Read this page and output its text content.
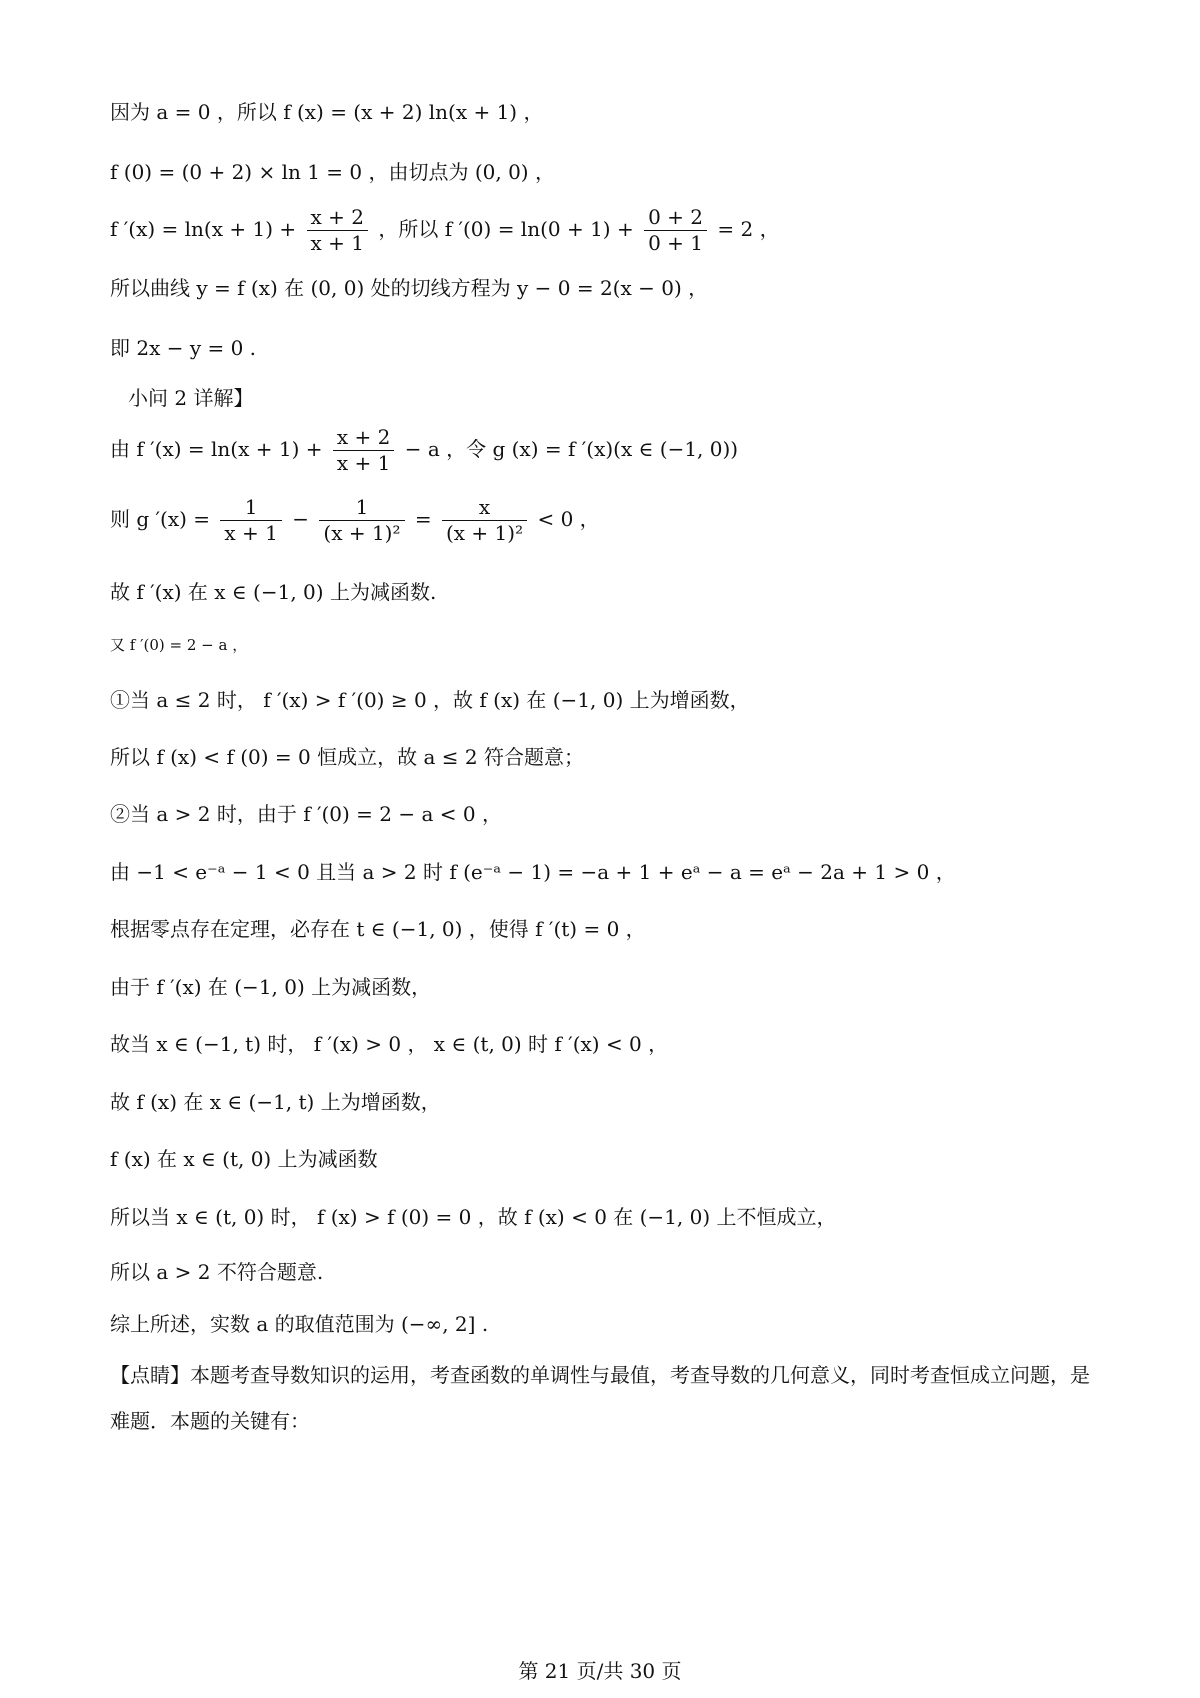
因为 a = 0 ，所以 f (x) = (x + 2) ln(x + 1) ，
f (0) = (0 + 2) × ln 1 = 0 ，由切点为 (0, 0) ，
f $'(x) = \ln(x + 1) + \frac{x + 2}{x + 1}$ ，所以 f $'(0) = \ln(0 + 1) + \frac{0 + 2}{0 + 1} = 2$ ，
所以曲线 y = f (x) 在 (0, 0) 处的切线方程为 y − 0 = 2(x − 0) ，
即 2x − y = 0 .
小问 2 详解】
由 f $'(x) = \ln(x + 1) + \frac{x + 2}{x + 1} - a$ ，令 g (x) = f ′(x)(x ∈ (−1, 0))
则 g $'(x) = \frac{1}{x + 1} - \frac{1}{\text{(x + 1)²}} = \frac{x}{\text{(x + 1)²}} < 0$ ，
故 f ′(x) 在 x ∈ (−1, 0) 上为减函数.
又 f ′(0) = 2 − a ，
①当 a ≤ 2 时， f ′(x) > f ′(0) ≥ 0 ，故 f (x) 在 (−1, 0) 上为增函数，
所以 f (x) < f (0) = 0 恒成立，故 a ≤ 2 符合题意；
②当 a > 2 时，由于 f ′(0) = 2 − a < 0 ，
由 −1 < e⁻ᵃ − 1 < 0 且当 a > 2 时 f (e⁻ᵃ − 1) = −a + 1 + eᵃ − a = eᵃ − 2a + 1 > 0 ，
根据零点存在定理，必存在 t ∈ (−1, 0) ，使得 f ′(t) = 0 ，
由于 f ′(x) 在 (−1, 0) 上为减函数，
故当 x ∈ (−1, t) 时， f ′(x) > 0 ， x ∈ (t, 0) 时 f ′(x) < 0 ，
故 f (x) 在 x ∈ (−1, t) 上为增函数，
f (x) 在 x ∈ (t, 0) 上为减函数
所以当 x ∈ (t, 0) 时， f (x) > f (0) = 0 ，故 f (x) < 0 在 (−1, 0) 上不恒成立，
所以 a > 2 不符合题意.
综上所述，实数 a 的取值范围为 (−∞, 2] .
【点睛】本题考查导数知识的运用，考查函数的单调性与最值，考查导数的几何意义，同时考查恒成立问题，是难题．本题的关键有：
第 21 页/共 30 页
